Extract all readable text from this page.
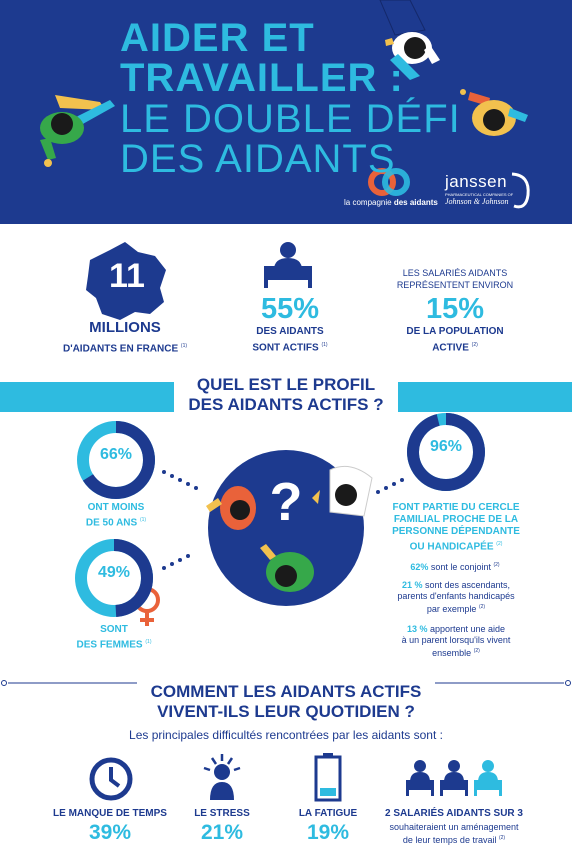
AIDER ET
TRAVAILLER :
LE DOUBLE DÉFI
DES AIDANTS
la compagnie des aidants
janssen
PHARMACEUTICAL COMPANIES OF
Johnson & Johnson
11
MILLIONS
D'AIDANTS EN FRANCE $^{(1)}$
55%
DES AIDANTS
SONT ACTIFS $^{(1)}$
LES SALARIÉS AIDANTS
REPRÉSENTENT ENVIRON
15%
DE LA POPULATION
ACTIVE $^{(2)}$
QUEL EST LE PROFIL
DES AIDANTS ACTIFS ?
?
66%
ONT MOINS
DE 50 ANS $^{(1)}$
49%
SONT
DES FEMMES $^{(1)}$
96%
FONT PARTIE DU CERCLE
FAMILIAL PROCHE DE LA
PERSONNE DÉPENDANTE
OU HANDICAPÉE $^{(2)}$
62% sont le conjoint $^{(2)}$
21 % sont des ascendants,
parents d'enfants handicapés
par exemple $^{(2)}$
13 % apportent une aide
à un parent lorsqu'ils vivent
ensemble $^{(2)}$
COMMENT LES AIDANTS ACTIFS
VIVENT-ILS LEUR QUOTIDIEN ?
Les principales difficultés rencontrées par les aidants sont :
LE MANQUE DE TEMPS
39%
LE STRESS
21%
LA FATIGUE
19%
2 SALARIÉS AIDANTS SUR 3
souhaiteraient un aménagement
de leur temps de travail $^{(2)}$
